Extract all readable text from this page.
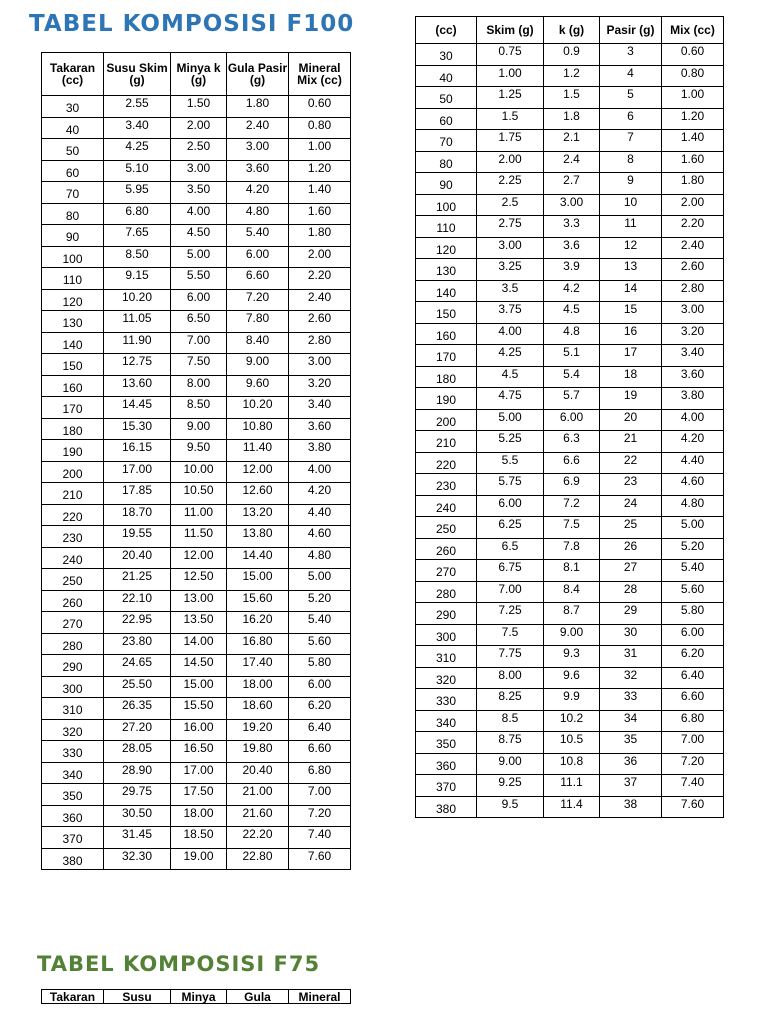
TABEL KOMPOSISI F100
Takaran (cc)	Susu Skim (g)	Minya k (g)	Gula Pasir (g)	Mineral Mix (cc)
30	2.55	1.50	1.80	0.60
40	3.40	2.00	2.40	0.80
50	4.25	2.50	3.00	1.00
60	5.10	3.00	3.60	1.20
70	5.95	3.50	4.20	1.40
80	6.80	4.00	4.80	1.60
90	7.65	4.50	5.40	1.80
100	8.50	5.00	6.00	2.00
110	9.15	5.50	6.60	2.20
120	10.20	6.00	7.20	2.40
130	11.05	6.50	7.80	2.60
140	11.90	7.00	8.40	2.80
150	12.75	7.50	9.00	3.00
160	13.60	8.00	9.60	3.20
170	14.45	8.50	10.20	3.40
180	15.30	9.00	10.80	3.60
190	16.15	9.50	11.40	3.80
200	17.00	10.00	12.00	4.00
210	17.85	10.50	12.60	4.20
220	18.70	11.00	13.20	4.40
230	19.55	11.50	13.80	4.60
240	20.40	12.00	14.40	4.80
250	21.25	12.50	15.00	5.00
260	22.10	13.00	15.60	5.20
270	22.95	13.50	16.20	5.40
280	23.80	14.00	16.80	5.60
290	24.65	14.50	17.40	5.80
300	25.50	15.00	18.00	6.00
310	26.35	15.50	18.60	6.20
320	27.20	16.00	19.20	6.40
330	28.05	16.50	19.80	6.60
340	28.90	17.00	20.40	6.80
350	29.75	17.50	21.00	7.00
360	30.50	18.00	21.60	7.20
370	31.45	18.50	22.20	7.40
380	32.30	19.00	22.80	7.60
(cc)	Skim (g)	k (g)	Pasir (g)	Mix (cc)
30	0.75	0.9	3	0.60
40	1.00	1.2	4	0.80
50	1.25	1.5	5	1.00
60	1.5	1.8	6	1.20
70	1.75	2.1	7	1.40
80	2.00	2.4	8	1.60
90	2.25	2.7	9	1.80
100	2.5	3.00	10	2.00
110	2.75	3.3	11	2.20
120	3.00	3.6	12	2.40
130	3.25	3.9	13	2.60
140	3.5	4.2	14	2.80
150	3.75	4.5	15	3.00
160	4.00	4.8	16	3.20
170	4.25	5.1	17	3.40
180	4.5	5.4	18	3.60
190	4.75	5.7	19	3.80
200	5.00	6.00	20	4.00
210	5.25	6.3	21	4.20
220	5.5	6.6	22	4.40
230	5.75	6.9	23	4.60
240	6.00	7.2	24	4.80
250	6.25	7.5	25	5.00
260	6.5	7.8	26	5.20
270	6.75	8.1	27	5.40
280	7.00	8.4	28	5.60
290	7.25	8.7	29	5.80
300	7.5	9.00	30	6.00
310	7.75	9.3	31	6.20
320	8.00	9.6	32	6.40
330	8.25	9.9	33	6.60
340	8.5	10.2	34	6.80
350	8.75	10.5	35	7.00
360	9.00	10.8	36	7.20
370	9.25	11.1	37	7.40
380	9.5	11.4	38	7.60
TABEL KOMPOSISI F75
Takaran	Susu	Minya	Gula	Mineral
